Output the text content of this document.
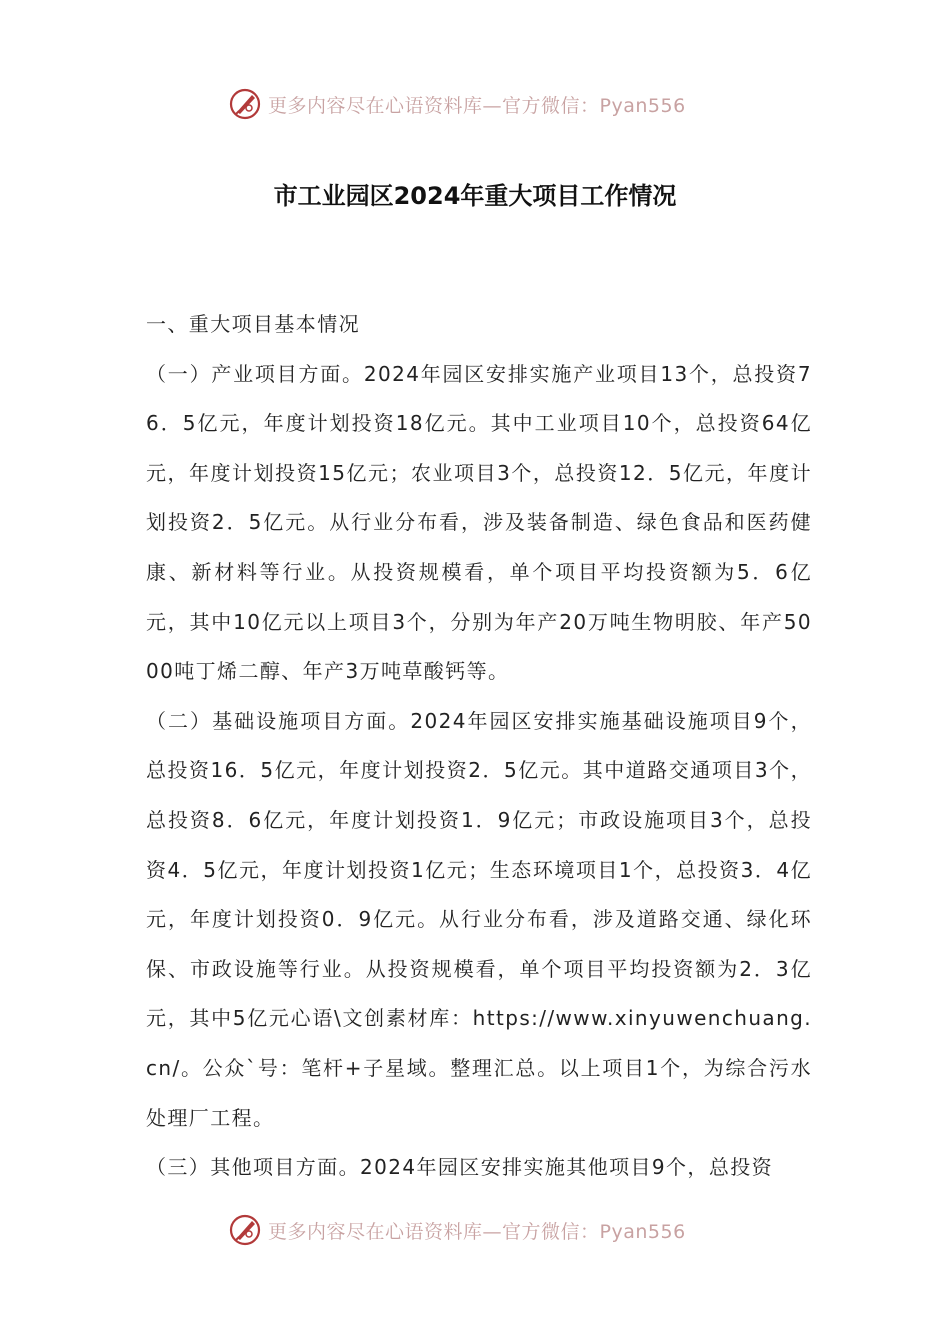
更多内容尽在心语资料库—官方微信：Pyan556
市工业园区2024年重大项目工作情况

一、重大项目基本情况

（一）产业项目方面。2024年园区安排实施产业项目13个，总投资76．5亿元，年度计划投资18亿元。其中工业项目10个，总投资64亿元，年度计划投资15亿元；农业项目3个，总投资12．5亿元，年度计划投资2．5亿元。从行业分布看，涉及装备制造、绿色食品和医药健康、新材料等行业。从投资规模看，单个项目平均投资额为5．6亿元，其中10亿元以上项目3个，分别为年产20万吨生物明胶、年产5000吨丁烯二醇、年产3万吨草酸钙等。

（二）基础设施项目方面。2024年园区安排实施基础设施项目9个，总投资16．5亿元，年度计划投资2．5亿元。其中道路交通项目3个，总投资8．6亿元，年度计划投资1．9亿元；市政设施项目3个，总投资4．5亿元，年度计划投资1亿元；生态环境项目1个，总投资3．4亿元，年度计划投资0．9亿元。从行业分布看，涉及道路交通、绿化环保、市政设施等行业。从投资规模看，单个项目平均投资额为2．3亿元，其中5亿元心语\文创素材库：https://www.xinyuwenchuang.cn/。公众`号：笔杆+子星域。整理汇总。以上项目1个，为综合污水处理厂工程。

（三）其他项目方面。2024年园区安排实施其他项目9个，总投资

更多内容尽在心语资料库—官方微信：Pyan556
